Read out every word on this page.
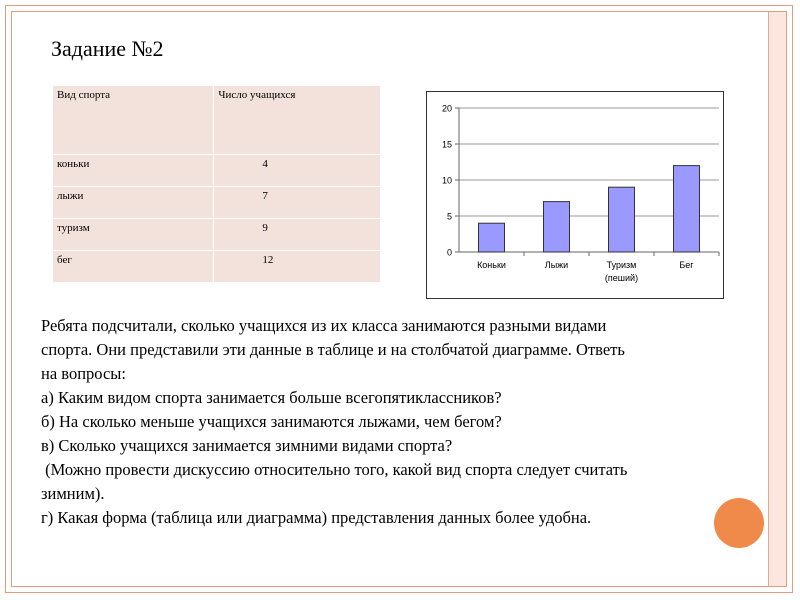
Задание №2
Вид спорта	Число учащихся
коньки	4
лыжи	7
туризм	9
бег	12
0
5
10
15
20
Коньки	Лыжи	Туризм
(пеший)
Бег

Ребята подсчитали, сколько учащихся из их класса занимаются разными видами

спорта. Они представили эти данные в таблице и на столбчатой диаграмме. Ответь

на вопросы:

а) Каким видом спорта занимается больше всегопятиклассников?

б) На сколько меньше учащихся занимаются лыжами, чем бегом?

в) Сколько учащихся занимается зимними видами спорта?

(Можно провести дискуссию относительно того, какой вид спорта следует считать

зимним).

г) Какая форма (таблица или диаграмма) представления данных более удобна.
